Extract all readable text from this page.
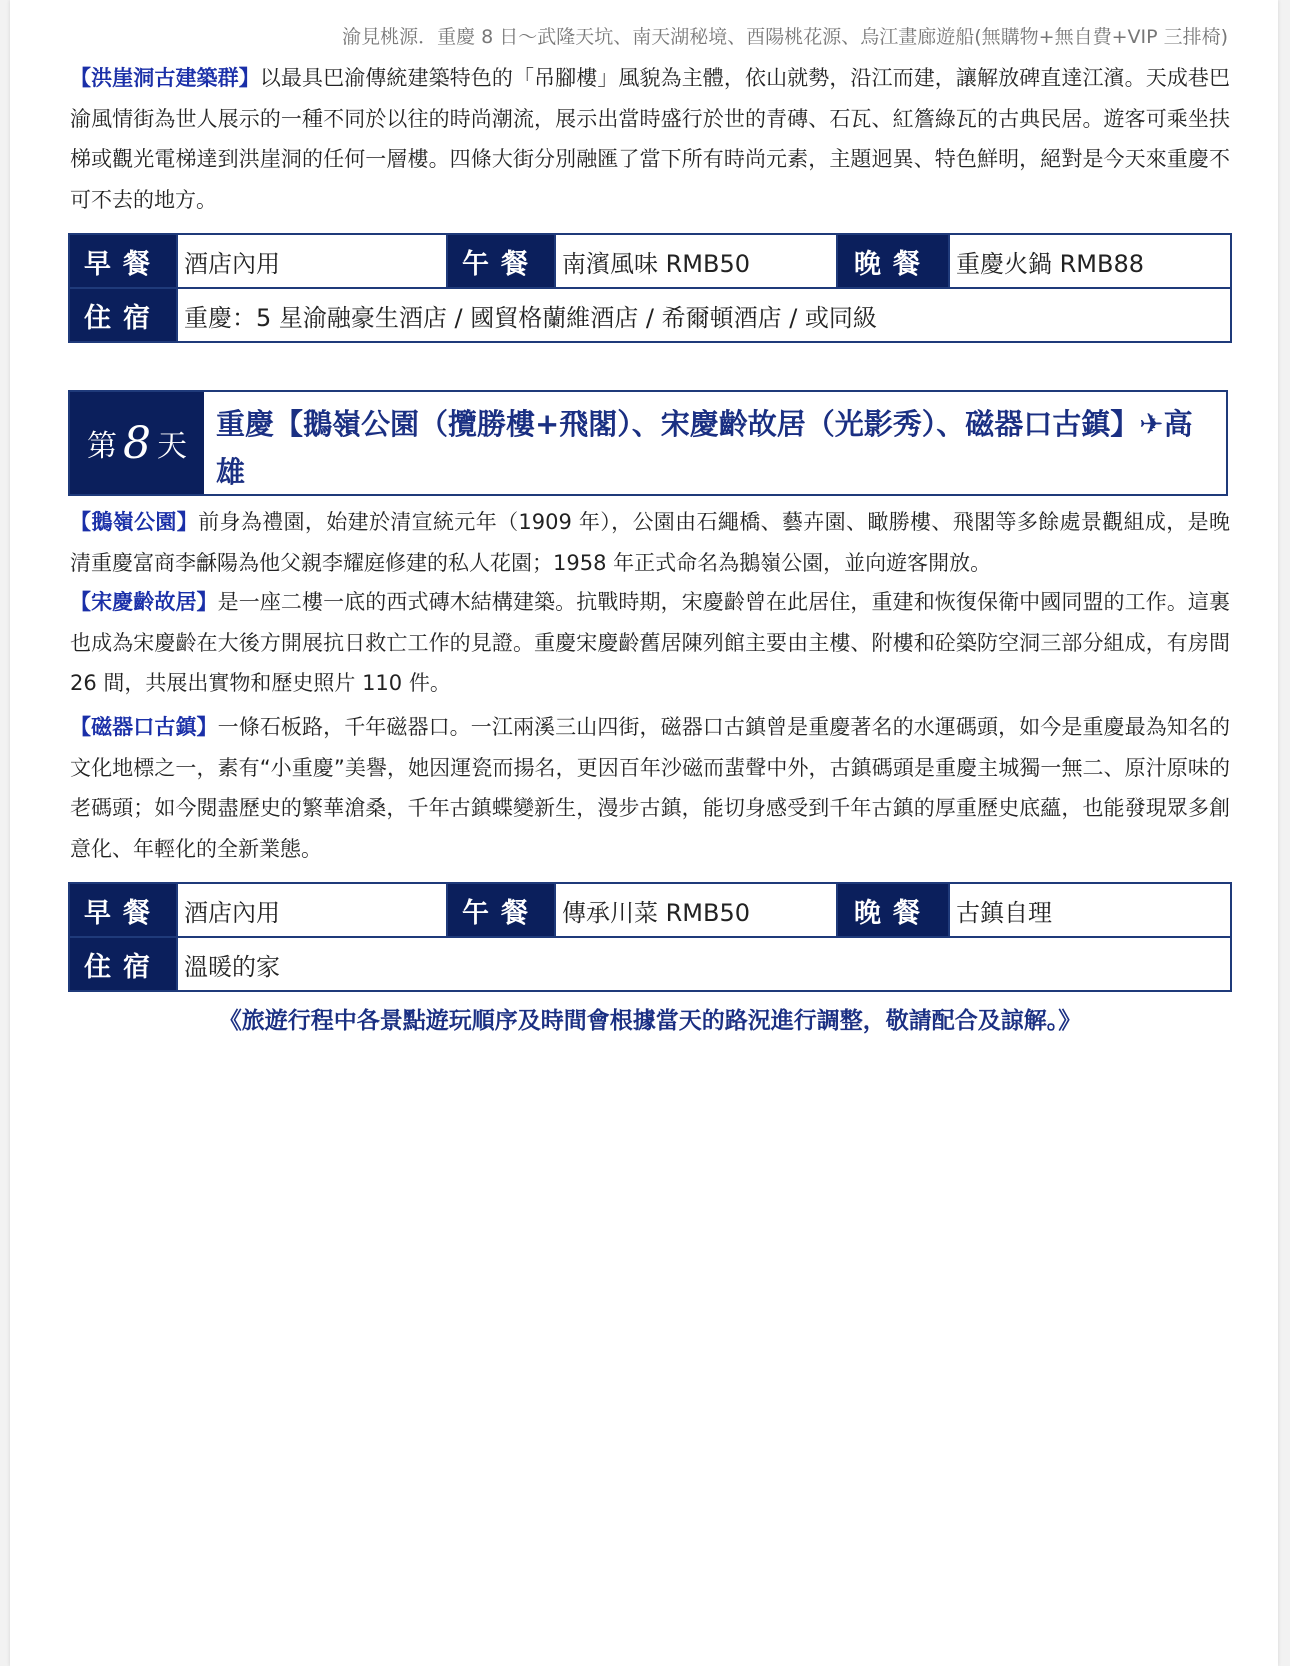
渝見桃源．重慶 8 日～武隆天坑、南天湖秘境、酉陽桃花源、烏江畫廊遊船(無購物+無自費+VIP 三排椅)

【洪崖洞古建築群】以最具巴渝傳統建築特色的「吊腳樓」風貌為主體，依山就勢，沿江而建，讓解放碑直達江濱。天成巷巴渝風情街為世人展示的一種不同於以往的時尚潮流，展示出當時盛行於世的青磚、石瓦、紅簷綠瓦的古典民居。遊客可乘坐扶梯或觀光電梯達到洪崖洞的任何一層樓。四條大街分別融匯了當下所有時尚元素，主題迥異、特色鮮明，絕對是今天來重慶不可不去的地方。

早餐	酒店內用	午餐	南濱風味 RMB50	晚餐	重慶火鍋 RMB88
住宿	重慶：5 星渝融豪生酒店 / 國貿格蘭維酒店 / 希爾頓酒店 / 或同級				
第 8 天
重慶【鵝嶺公園（攬勝樓+飛閣）、宋慶齡故居（光影秀）、磁器口古鎮】✈高雄

【鵝嶺公園】前身為禮園，始建於清宣統元年（1909 年），公園由石繩橋、藝卉園、瞰勝樓、飛閣等多餘處景觀組成，是晚清重慶富商李龢陽為他父親李耀庭修建的私人花園；1958 年正式命名為鵝嶺公園，並向遊客開放。

【宋慶齡故居】是一座二樓一底的西式磚木結構建築。抗戰時期，宋慶齡曾在此居住，重建和恢復保衛中國同盟的工作。這裏也成為宋慶齡在大後方開展抗日救亡工作的見證。重慶宋慶齡舊居陳列館主要由主樓、附樓和砼築防空洞三部分組成，有房間 26 間，共展出實物和歷史照片 110 件。

【磁器口古鎮】一條石板路，千年磁器口。一江兩溪三山四街，磁器口古鎮曾是重慶著名的水運碼頭，如今是重慶最為知名的文化地標之一，素有“小重慶”美譽，她因運瓷而揚名，更因百年沙磁而蜚聲中外，古鎮碼頭是重慶主城獨一無二、原汁原味的老碼頭；如今閱盡歷史的繁華滄桑，千年古鎮蝶變新生，漫步古鎮，能切身感受到千年古鎮的厚重歷史底蘊，也能發現眾多創意化、年輕化的全新業態。

早餐	酒店內用	午餐	傳承川菜 RMB50	晚餐	古鎮自理
住宿	溫暖的家				
《旅遊行程中各景點遊玩順序及時間會根據當天的路況進行調整，敬請配合及諒解。》
